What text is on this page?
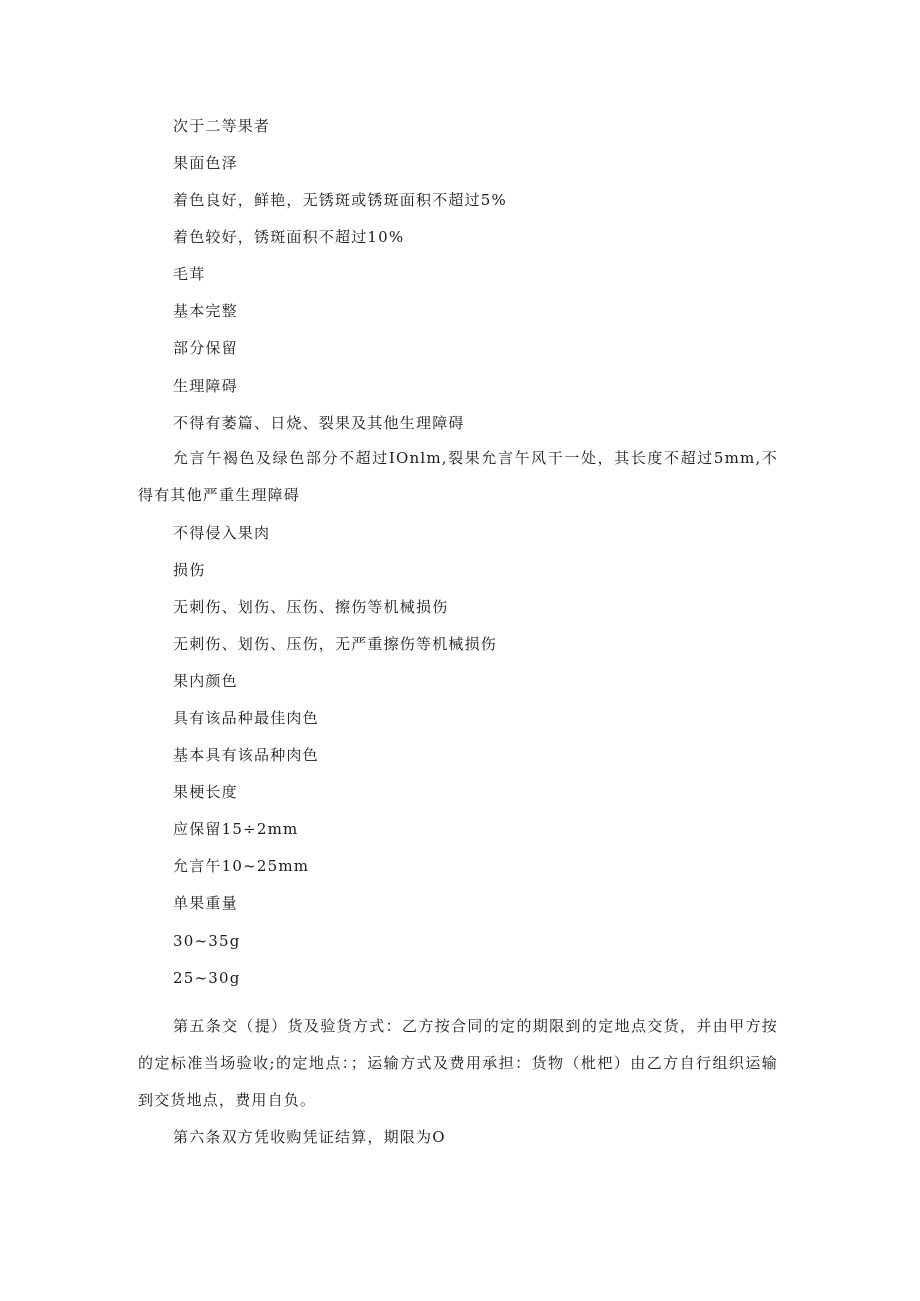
次于二等果者
果面色泽
着色良好，鲜艳，无锈斑或锈斑面积不超过5%
着色较好，锈斑面积不超过10%
毛茸
基本完整
部分保留
生理障碍
不得有萎篇、日烧、裂果及其他生理障碍
允言午褐色及绿色部分不超过IOnlm,裂果允言午风干一处，其长度不超过5mm,不得有其他严重生理障碍
不得侵入果肉
损伤
无刺伤、划伤、压伤、擦伤等机械损伤
无刺伤、划伤、压伤，无严重擦伤等机械损伤
果内颜色
具有该品种最佳肉色
基本具有该品种肉色
果梗长度
应保留15÷2mm
允言午10~25mm
单果重量
30~35g
25~30g
第五条交（提）货及验货方式：乙方按合同的定的期限到的定地点交货，并由甲方按的定标准当场验收;的定地点：；运输方式及费用承担：货物（枇杷）由乙方自行组织运输到交货地点，费用自负。
第六条双方凭收购凭证结算，期限为O
